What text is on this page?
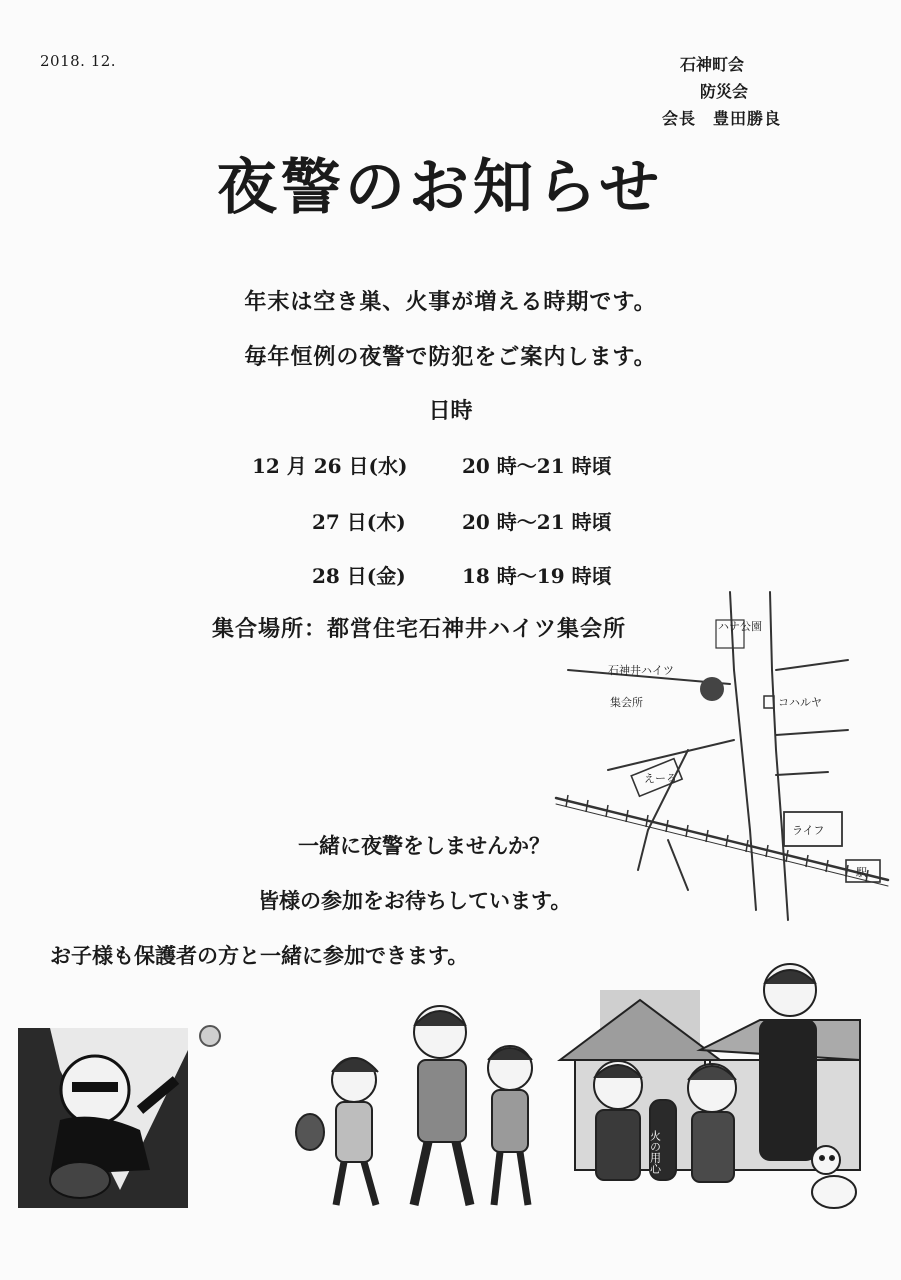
2018. 12.	石神町会
防災会
会長　豊田勝良
夜警のお知らせ
年末は空き巣、火事が増える時期です。
毎年恒例の夜警で防犯をご案内します。
日時
12 月 26 日(水)	20 時～21 時頃
27 日(木)	20 時～21 時頃
28 日(金)	18 時～19 時頃
集合場所：都営住宅石神井ハイツ集会所	ハナ公園
石神井ハイツ
集会所	コハルヤ
えーる
ライフ
駅
一緒に夜警をしませんか？
皆様の参加をお待ちしています。
お子様も保護者の方と一緒に参加できます。
火の用心
